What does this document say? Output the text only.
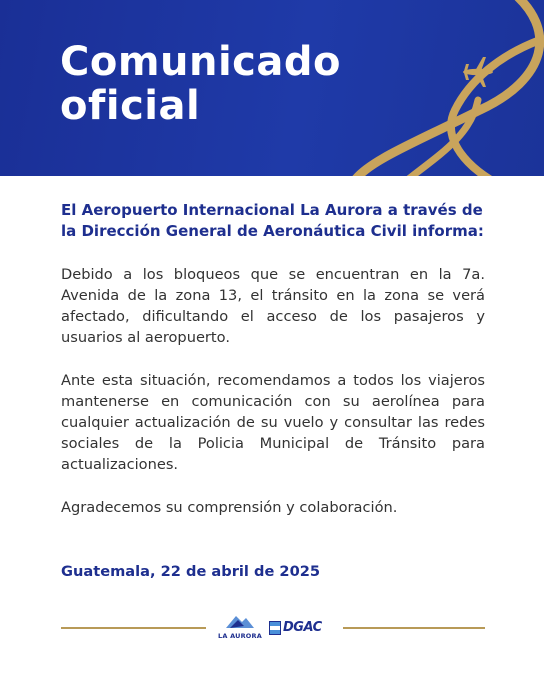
Comunicado
oficial

El Aeropuerto Internacional La Aurora a través de la Dirección General de Aeronáutica Civil informa:

Debido a los bloqueos que se encuentran en la 7a. Avenida de la zona 13, el tránsito en la zona se verá afectado, dificultando el acceso de los pasajeros y usuarios al aeropuerto.

Ante esta situación, recomendamos a todos los viajeros mantenerse en comunicación con su aerolínea para cualquier actualización de su vuelo y consultar las redes sociales de la Policia Municipal de Tránsito para actualizaciones.

Agradecemos su comprensión y colaboración.

Guatemala, 22 de abril de 2025
LA AURORA
DGAC
